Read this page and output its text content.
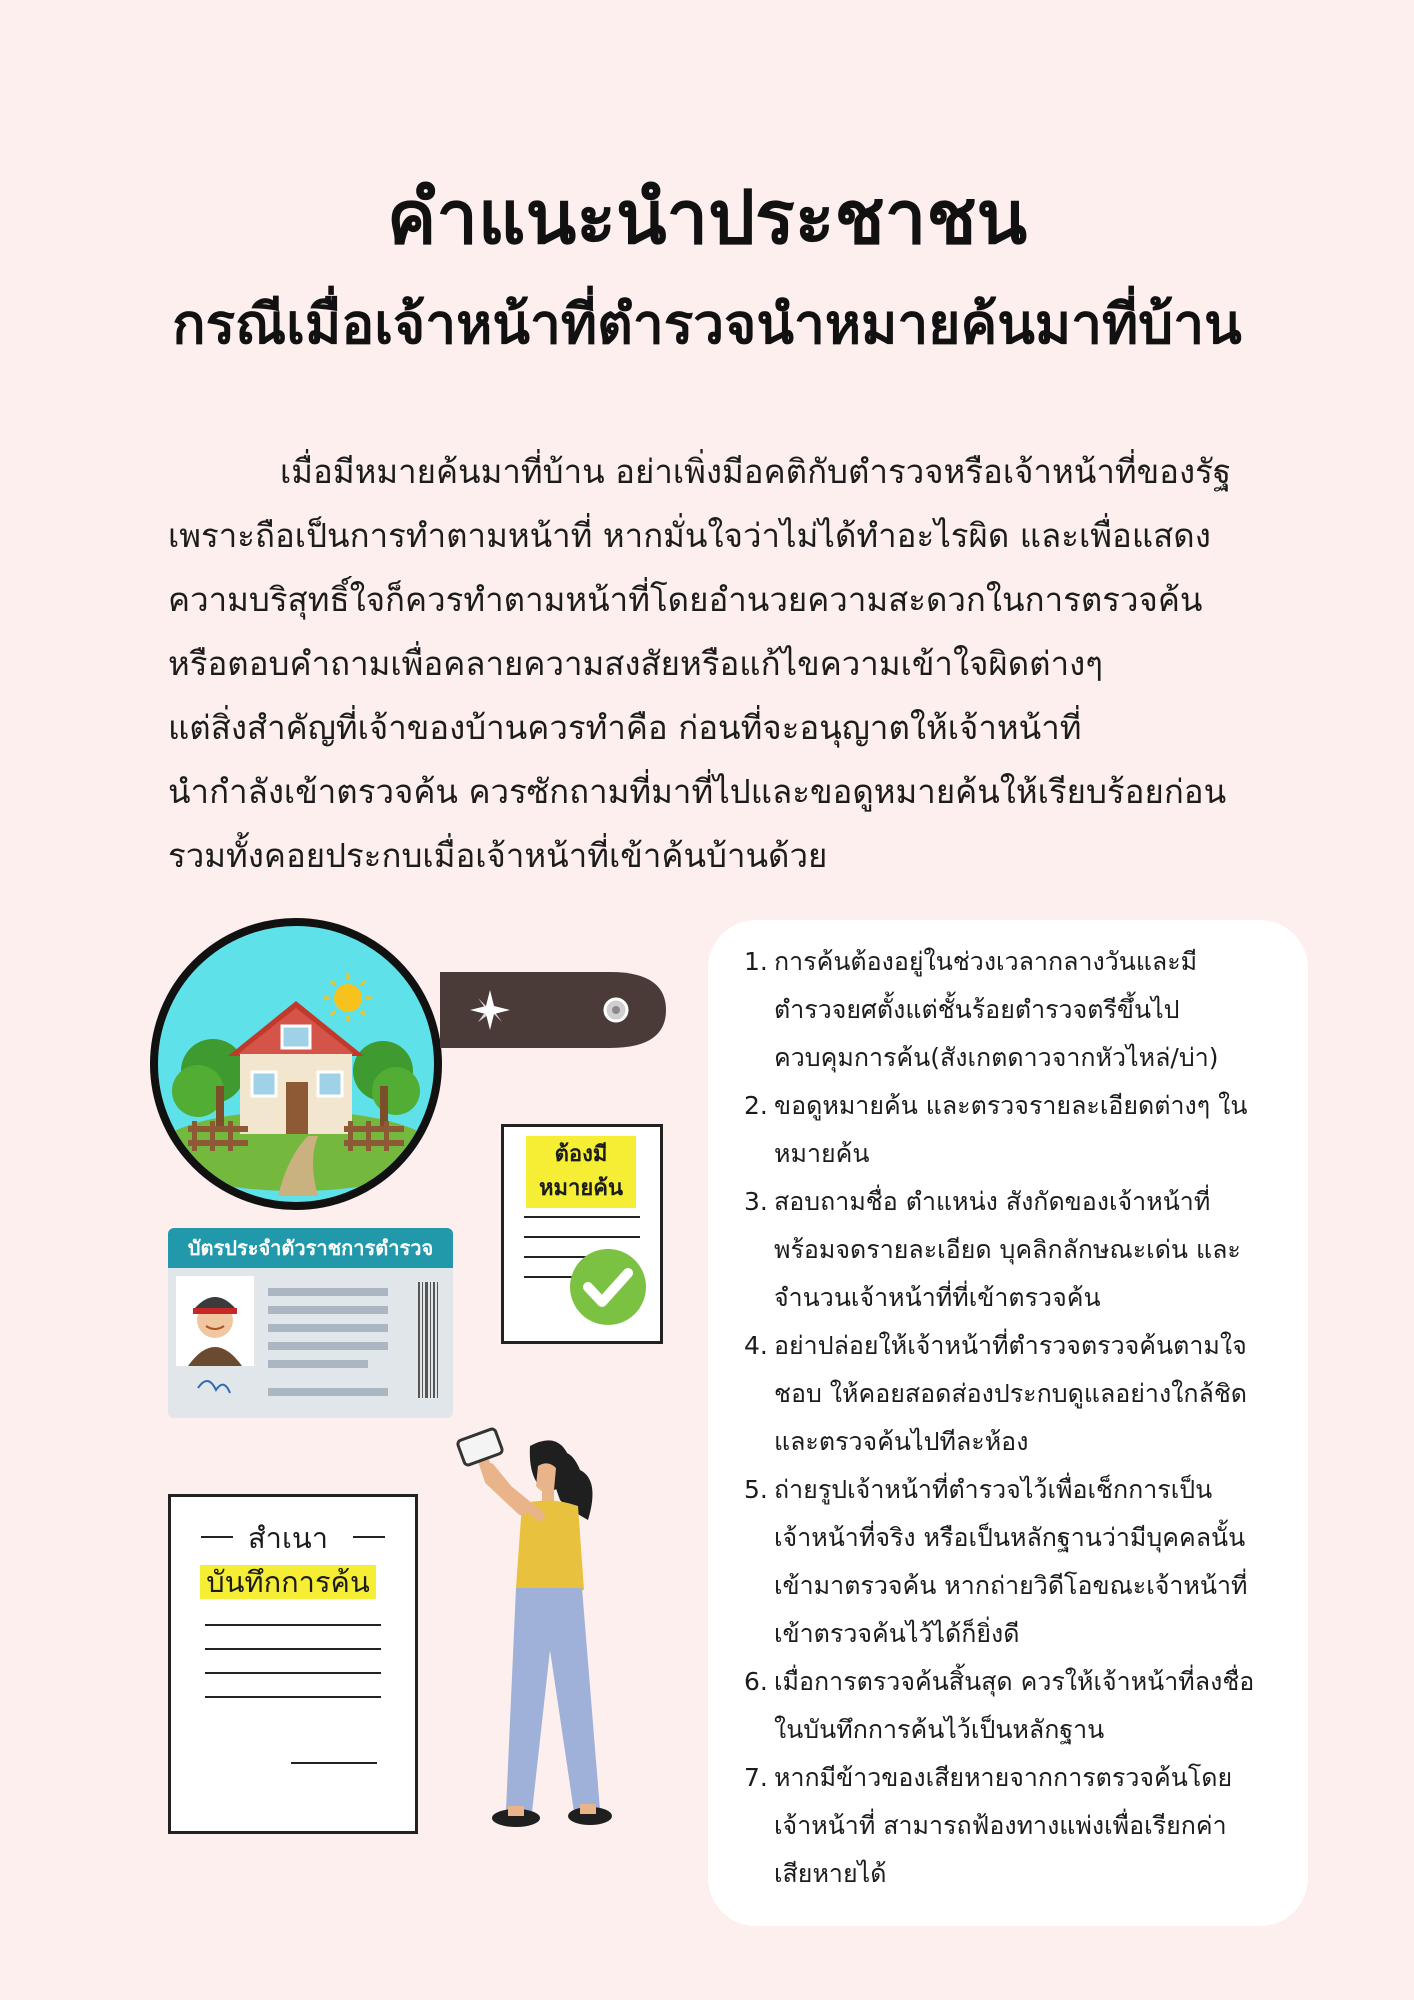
คำแนะนำประชาชน
กรณีเมื่อเจ้าหน้าที่ตำรวจนำหมายค้นมาที่บ้าน
เมื่อมีหมายค้นมาที่บ้าน อย่าเพิ่งมีอคติกับตำรวจหรือเจ้าหน้าที่ของรัฐ
เพราะถือเป็นการทำตามหน้าที่ หากมั่นใจว่าไม่ได้ทำอะไรผิด และเพื่อแสดง
ความบริสุทธิ์ใจก็ควรทำตามหน้าที่โดยอำนวยความสะดวกในการตรวจค้น
หรือตอบคำถามเพื่อคลายความสงสัยหรือแก้ไขความเข้าใจผิดต่างๆ
แต่สิ่งสำคัญที่เจ้าของบ้านควรทำคือ ก่อนที่จะอนุญาตให้เจ้าหน้าที่
นำกำลังเข้าตรวจค้น ควรซักถามที่มาที่ไปและขอดูหมายค้นให้เรียบร้อยก่อน
รวมทั้งคอยประกบเมื่อเจ้าหน้าที่เข้าค้นบ้านด้วย
ต้องมี
หมายค้น
บัตรประจำตัวราชการตำรวจ
สำเนา
บันทึกการค้น
1. การค้นต้องอยู่ในช่วงเวลากลางวันและมี
ตำรวจยศตั้งแต่ชั้นร้อยตำรวจตรีขึ้นไป
ควบคุมการค้น(สังเกตดาวจากหัวไหล่/บ่า)
2. ขอดูหมายค้น และตรวจรายละเอียดต่างๆ ใน
หมายค้น
3. สอบถามชื่อ ตำแหน่ง สังกัดของเจ้าหน้าที่
พร้อมจดรายละเอียด บุคลิกลักษณะเด่น และ
จำนวนเจ้าหน้าที่ที่เข้าตรวจค้น
4. อย่าปล่อยให้เจ้าหน้าที่ตำรวจตรวจค้นตามใจ
ชอบ ให้คอยสอดส่องประกบดูแลอย่างใกล้ชิด
และตรวจค้นไปทีละห้อง
5. ถ่ายรูปเจ้าหน้าที่ตำรวจไว้เพื่อเช็กการเป็น
เจ้าหน้าที่จริง หรือเป็นหลักฐานว่ามีบุคคลนั้น
เข้ามาตรวจค้น หากถ่ายวิดีโอขณะเจ้าหน้าที่
เข้าตรวจค้นไว้ได้ก็ยิ่งดี
6. เมื่อการตรวจค้นสิ้นสุด ควรให้เจ้าหน้าที่ลงชื่อ
ในบันทึกการค้นไว้เป็นหลักฐาน
7. หากมีข้าวของเสียหายจากการตรวจค้นโดย
เจ้าหน้าที่ สามารถฟ้องทางแพ่งเพื่อเรียกค่า
เสียหายได้
